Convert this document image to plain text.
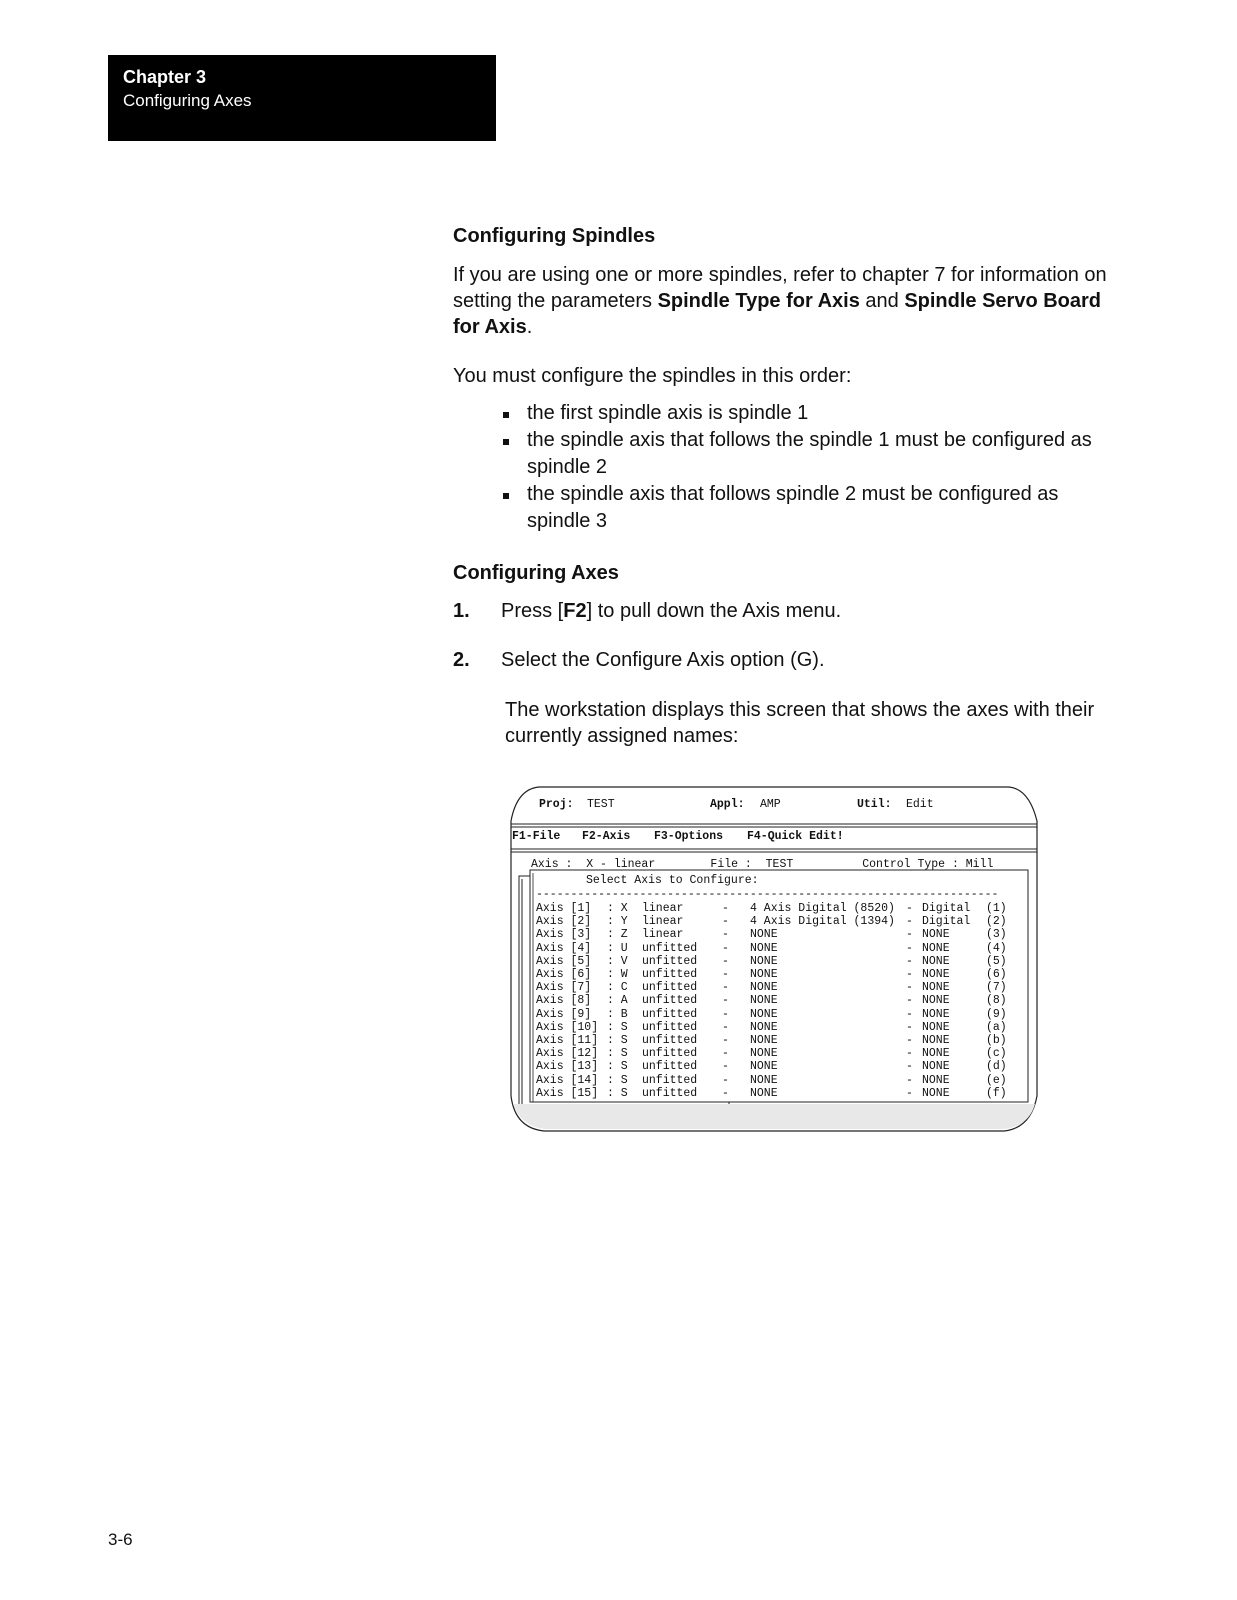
Chapter 3
Configuring Axes
Configuring Spindles
If you are using one or more spindles, refer to chapter 7 for information on setting the parameters Spindle Type for Axis and Spindle Servo Board for Axis.
You must configure the spindles in this order:
the first spindle axis is spindle 1
the spindle axis that follows the spindle 1 must be configured as spindle 2
the spindle axis that follows spindle 2 must be configured as spindle 3
Configuring Axes
1. Press [F2] to pull down the Axis menu.
2. Select the Configure Axis option (G).
The workstation displays this screen that shows the axes with their currently assigned names:
Proj: TEST	Appl: AMP	Util: Edit
F1-File F2-Axis F3-Options F4-Quick Edit!
Axis :  X - linear        File :  TEST          Control Type : Mill
Select Axis to Configure:
-------------------------------------------------------------------
Axis [1] : X linear	- 4 Axis Digital (8520) - Digital (1)
Axis [2] : Y linear	- 4 Axis Digital (1394) - Digital (2)
Axis [3] : Z linear	- NONE	- NONE	(3)
Axis [4] : U unfitted - NONE	- NONE	(4)
Axis [5] : V unfitted - NONE	- NONE	(5)
Axis [6] : W unfitted - NONE	- NONE	(6)
Axis [7] : C unfitted - NONE	- NONE	(7)
Axis [8] : A unfitted - NONE	- NONE	(8)
Axis [9] : B unfitted - NONE	- NONE	(9)
Axis [10] : S unfitted - NONE	- NONE	(a)
Axis [11] : S unfitted - NONE	- NONE	(b)
Axis [12] : S unfitted - NONE	- NONE	(c)
Axis [13] : S unfitted - NONE	- NONE	(d)
Axis [14] : S unfitted - NONE	- NONE	(e)
Axis [15] : S unfitted - NONE	- NONE	(f)
3-6
